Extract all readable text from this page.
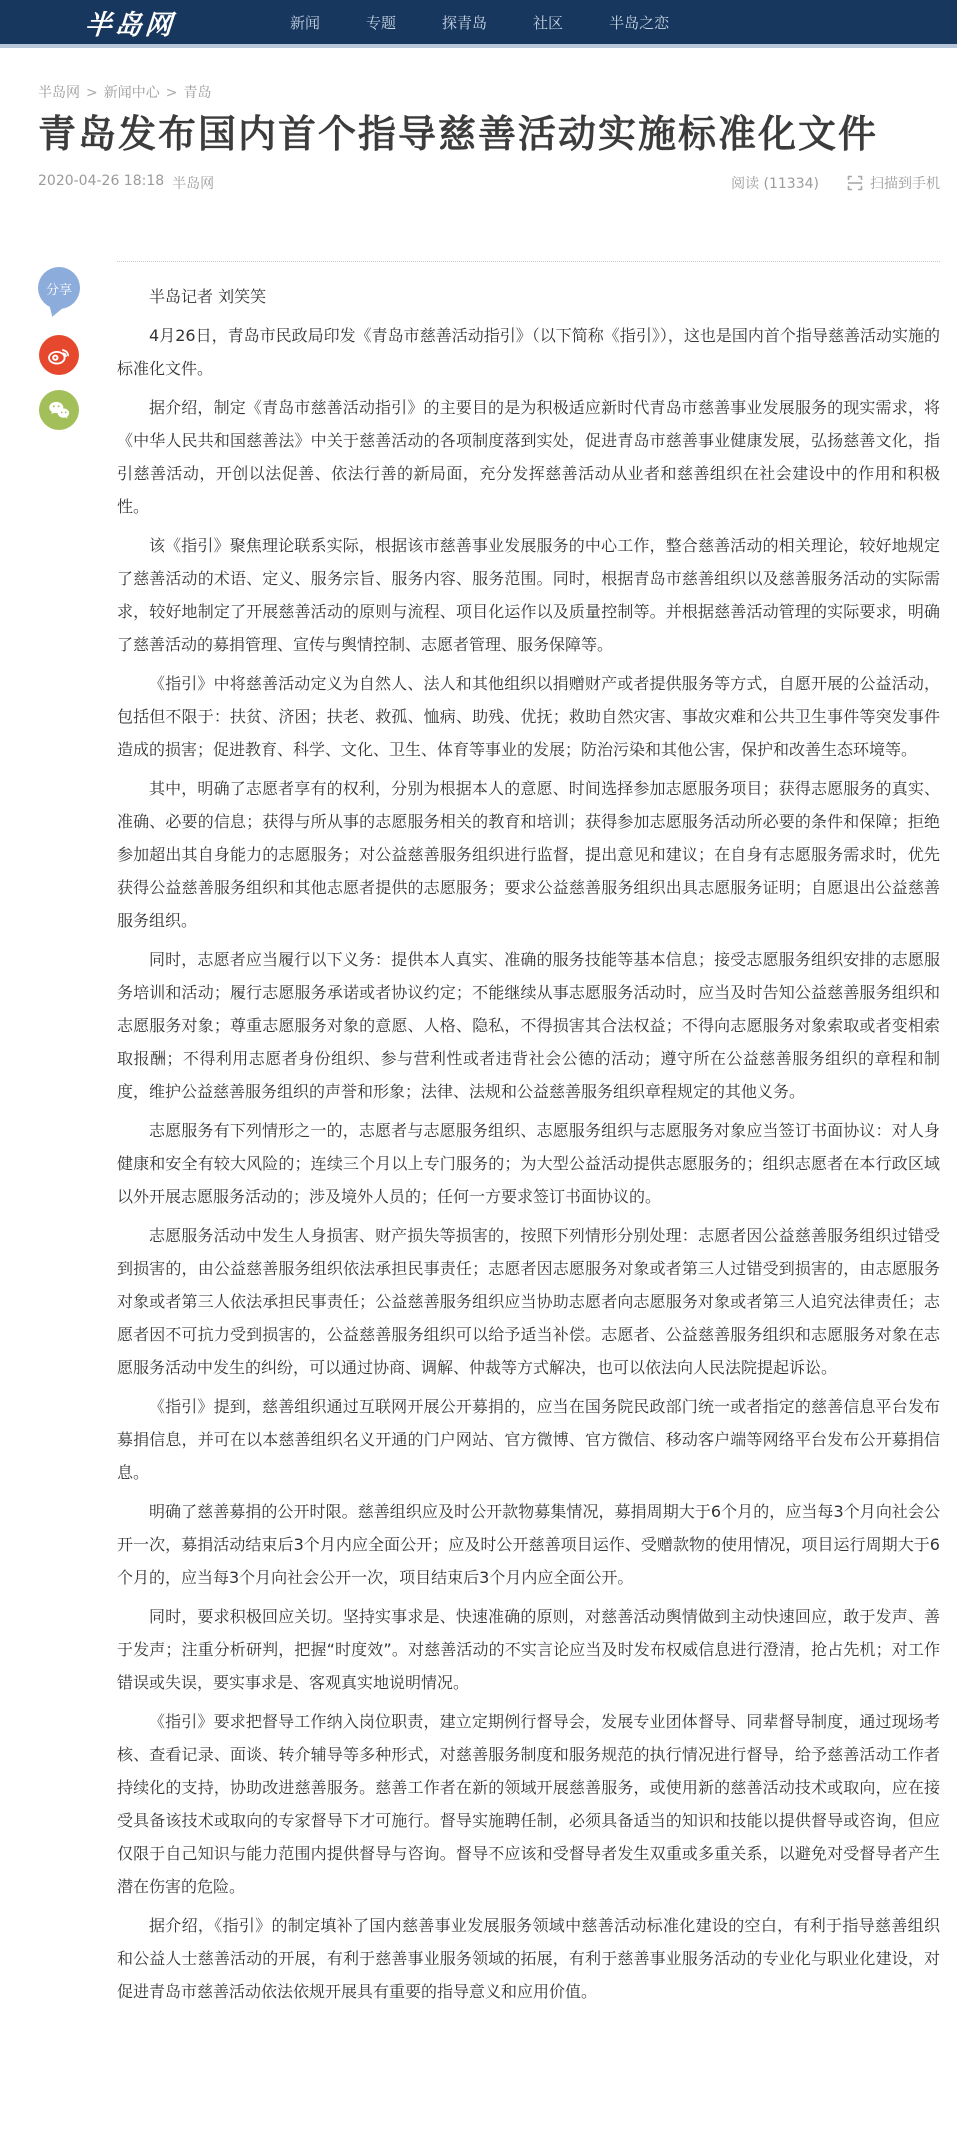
半岛网	新闻	专题	探青岛	社区	半岛之恋
半岛网 > 新闻中心 > 青岛
青岛发布国内首个指导慈善活动实施标准化文件
2020-04-26 18:18 半岛网	阅读 (11334)	扫描到手机
分享	半岛记者 刘笑笑

4月26日，青岛市民政局印发《青岛市慈善活动指引》（以下简称《指引》），这也是国内首个指导慈善活动实施的标准化文件。

据介绍，制定《青岛市慈善活动指引》的主要目的是为积极适应新时代青岛市慈善事业发展服务的现实需求，将《中华人民共和国慈善法》中关于慈善活动的各项制度落到实处，促进青岛市慈善事业健康发展，弘扬慈善文化，指引慈善活动，开创以法促善、依法行善的新局面，充分发挥慈善活动从业者和慈善组织在社会建设中的作用和积极性。

该《指引》聚焦理论联系实际，根据该市慈善事业发展服务的中心工作，整合慈善活动的相关理论，较好地规定了慈善活动的术语、定义、服务宗旨、服务内容、服务范围。同时，根据青岛市慈善组织以及慈善服务活动的实际需求，较好地制定了开展慈善活动的原则与流程、项目化运作以及质量控制等。并根据慈善活动管理的实际要求，明确了慈善活动的募捐管理、宣传与舆情控制、志愿者管理、服务保障等。

《指引》中将慈善活动定义为自然人、法人和其他组织以捐赠财产或者提供服务等方式，自愿开展的公益活动，包括但不限于：扶贫、济困；扶老、救孤、恤病、助残、优抚；救助自然灾害、事故灾难和公共卫生事件等突发事件造成的损害；促进教育、科学、文化、卫生、体育等事业的发展；防治污染和其他公害，保护和改善生态环境等。

其中，明确了志愿者享有的权利，分别为根据本人的意愿、时间选择参加志愿服务项目；获得志愿服务的真实、准确、必要的信息；获得与所从事的志愿服务相关的教育和培训；获得参加志愿服务活动所必要的条件和保障；拒绝参加超出其自身能力的志愿服务；对公益慈善服务组织进行监督，提出意见和建议；在自身有志愿服务需求时，优先获得公益慈善服务组织和其他志愿者提供的志愿服务；要求公益慈善服务组织出具志愿服务证明；自愿退出公益慈善服务组织。

同时，志愿者应当履行以下义务：提供本人真实、准确的服务技能等基本信息；接受志愿服务组织安排的志愿服务培训和活动；履行志愿服务承诺或者协议约定；不能继续从事志愿服务活动时，应当及时告知公益慈善服务组织和志愿服务对象；尊重志愿服务对象的意愿、人格、隐私，不得损害其合法权益；不得向志愿服务对象索取或者变相索取报酬；不得利用志愿者身份组织、参与营利性或者违背社会公德的活动；遵守所在公益慈善服务组织的章程和制度，维护公益慈善服务组织的声誉和形象；法律、法规和公益慈善服务组织章程规定的其他义务。

志愿服务有下列情形之一的，志愿者与志愿服务组织、志愿服务组织与志愿服务对象应当签订书面协议：对人身健康和安全有较大风险的；连续三个月以上专门服务的；为大型公益活动提供志愿服务的；组织志愿者在本行政区域以外开展志愿服务活动的；涉及境外人员的；任何一方要求签订书面协议的。

志愿服务活动中发生人身损害、财产损失等损害的，按照下列情形分别处理：志愿者因公益慈善服务组织过错受到损害的，由公益慈善服务组织依法承担民事责任；志愿者因志愿服务对象或者第三人过错受到损害的，由志愿服务对象或者第三人依法承担民事责任；公益慈善服务组织应当协助志愿者向志愿服务对象或者第三人追究法律责任；志愿者因不可抗力受到损害的，公益慈善服务组织可以给予适当补偿。志愿者、公益慈善服务组织和志愿服务对象在志愿服务活动中发生的纠纷，可以通过协商、调解、仲裁等方式解决，也可以依法向人民法院提起诉讼。

《指引》提到，慈善组织通过互联网开展公开募捐的，应当在国务院民政部门统一或者指定的慈善信息平台发布募捐信息，并可在以本慈善组织名义开通的门户网站、官方微博、官方微信、移动客户端等网络平台发布公开募捐信息。

明确了慈善募捐的公开时限。慈善组织应及时公开款物募集情况，募捐周期大于6个月的，应当每3个月向社会公开一次，募捐活动结束后3个月内应全面公开；应及时公开慈善项目运作、受赠款物的使用情况，项目运行周期大于6个月的，应当每3个月向社会公开一次，项目结束后3个月内应全面公开。

同时，要求积极回应关切。坚持实事求是、快速准确的原则，对慈善活动舆情做到主动快速回应，敢于发声、善于发声；注重分析研判，把握“时度效”。对慈善活动的不实言论应当及时发布权威信息进行澄清，抢占先机；对工作错误或失误，要实事求是、客观真实地说明情况。

《指引》要求把督导工作纳入岗位职责，建立定期例行督导会，发展专业团体督导、同辈督导制度，通过现场考核、查看记录、面谈、转介辅导等多种形式，对慈善服务制度和服务规范的执行情况进行督导，给予慈善活动工作者持续化的支持，协助改进慈善服务。慈善工作者在新的领域开展慈善服务，或使用新的慈善活动技术或取向，应在接受具备该技术或取向的专家督导下才可施行。督导实施聘任制，必须具备适当的知识和技能以提供督导或咨询，但应仅限于自己知识与能力范围内提供督导与咨询。督导不应该和受督导者发生双重或多重关系，以避免对受督导者产生潜在伤害的危险。

据介绍，《指引》的制定填补了国内慈善事业发展服务领域中慈善活动标准化建设的空白，有利于指导慈善组织和公益人士慈善活动的开展，有利于慈善事业服务领域的拓展，有利于慈善事业服务活动的专业化与职业化建设，对促进青岛市慈善活动依法依规开展具有重要的指导意义和应用价值。
